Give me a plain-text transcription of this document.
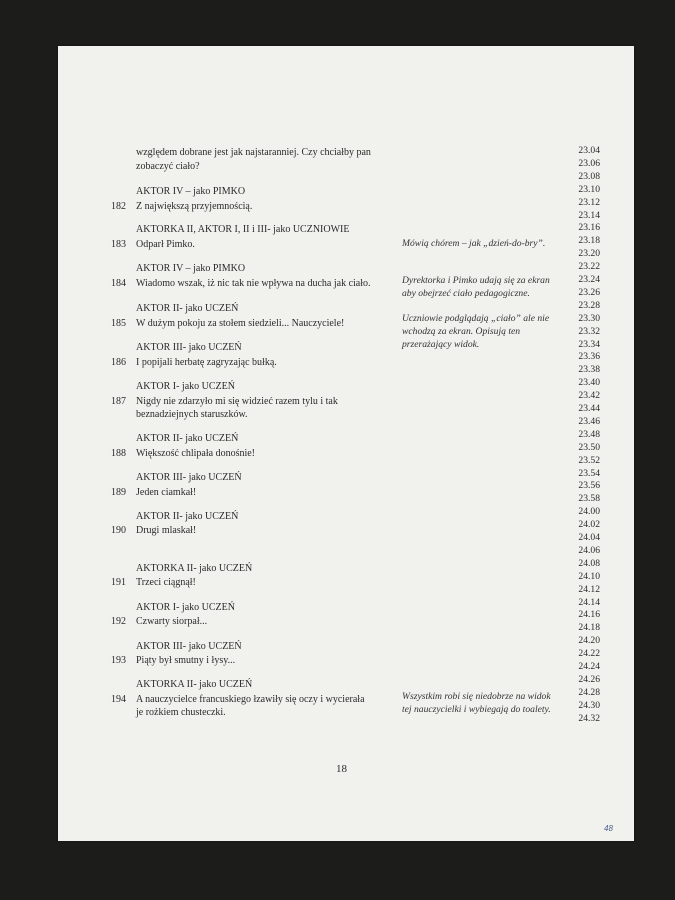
względem dobrane jest jak najstaranniej. Czy chciałby pan
zobaczyć ciało?
AKTOR IV – jako PIMKO
182 Z największą przyjemnością.
AKTORKA II, AKTOR I, II i III- jako UCZNIOWIE
183 Odparł Pimko.
AKTOR IV – jako PIMKO
184 Wiadomo wszak, iż nic tak nie wpływa na ducha jak ciało.
AKTOR II- jako UCZEŃ
185 W dużym pokoju za stołem siedzieli... Nauczyciele!
AKTOR III- jako UCZEŃ
186 I popijali herbatę zagryzając bułką.
AKTOR I- jako UCZEŃ
187 Nigdy nie zdarzyło mi się widzieć razem tylu i tak
beznadziejnych staruszków.
AKTOR II- jako UCZEŃ
188 Większość chlipała donośnie!
AKTOR III- jako UCZEŃ
189 Jeden ciamkał!
AKTOR II- jako UCZEŃ
190 Drugi mlaskał!
AKTORKA II- jako UCZEŃ
191 Trzeci ciągnął!
AKTOR I- jako UCZEŃ
192 Czwarty siorpał...
AKTOR III- jako UCZEŃ
193 Piąty był smutny i łysy...
AKTORKA II- jako UCZEŃ
194 A nauczycielce francuskiego łzawiły się oczy i wycierała
je rożkiem chusteczki.
Mówią chórem – jak „dzień-do-bry”.
Dyrektorka i Pimko udają się za ekran
aby obejrzeć ciało pedagogiczne.
Uczniowie podglądają „ciało” ale nie
wchodzą za ekran. Opisują ten
przerażający widok.
Wszystkim robi się niedobrze na widok
tej nauczycielki i wybiegają do toalety.
23.04
23.06
23.08
23.10
23.12
23.14
23.16
23.18
23.20
23.22
23.24
23.26
23.28
23.30
23.32
23.34
23.36
23.38
23.40
23.42
23.44
23.46
23.48
23.50
23.52
23.54
23.56
23.58
24.00
24.02
24.04
24.06
24.08
24.10
24.12
24.14
24.16
24.18
24.20
24.22
24.24
24.26
24.28
24.30
24.32
18
48
